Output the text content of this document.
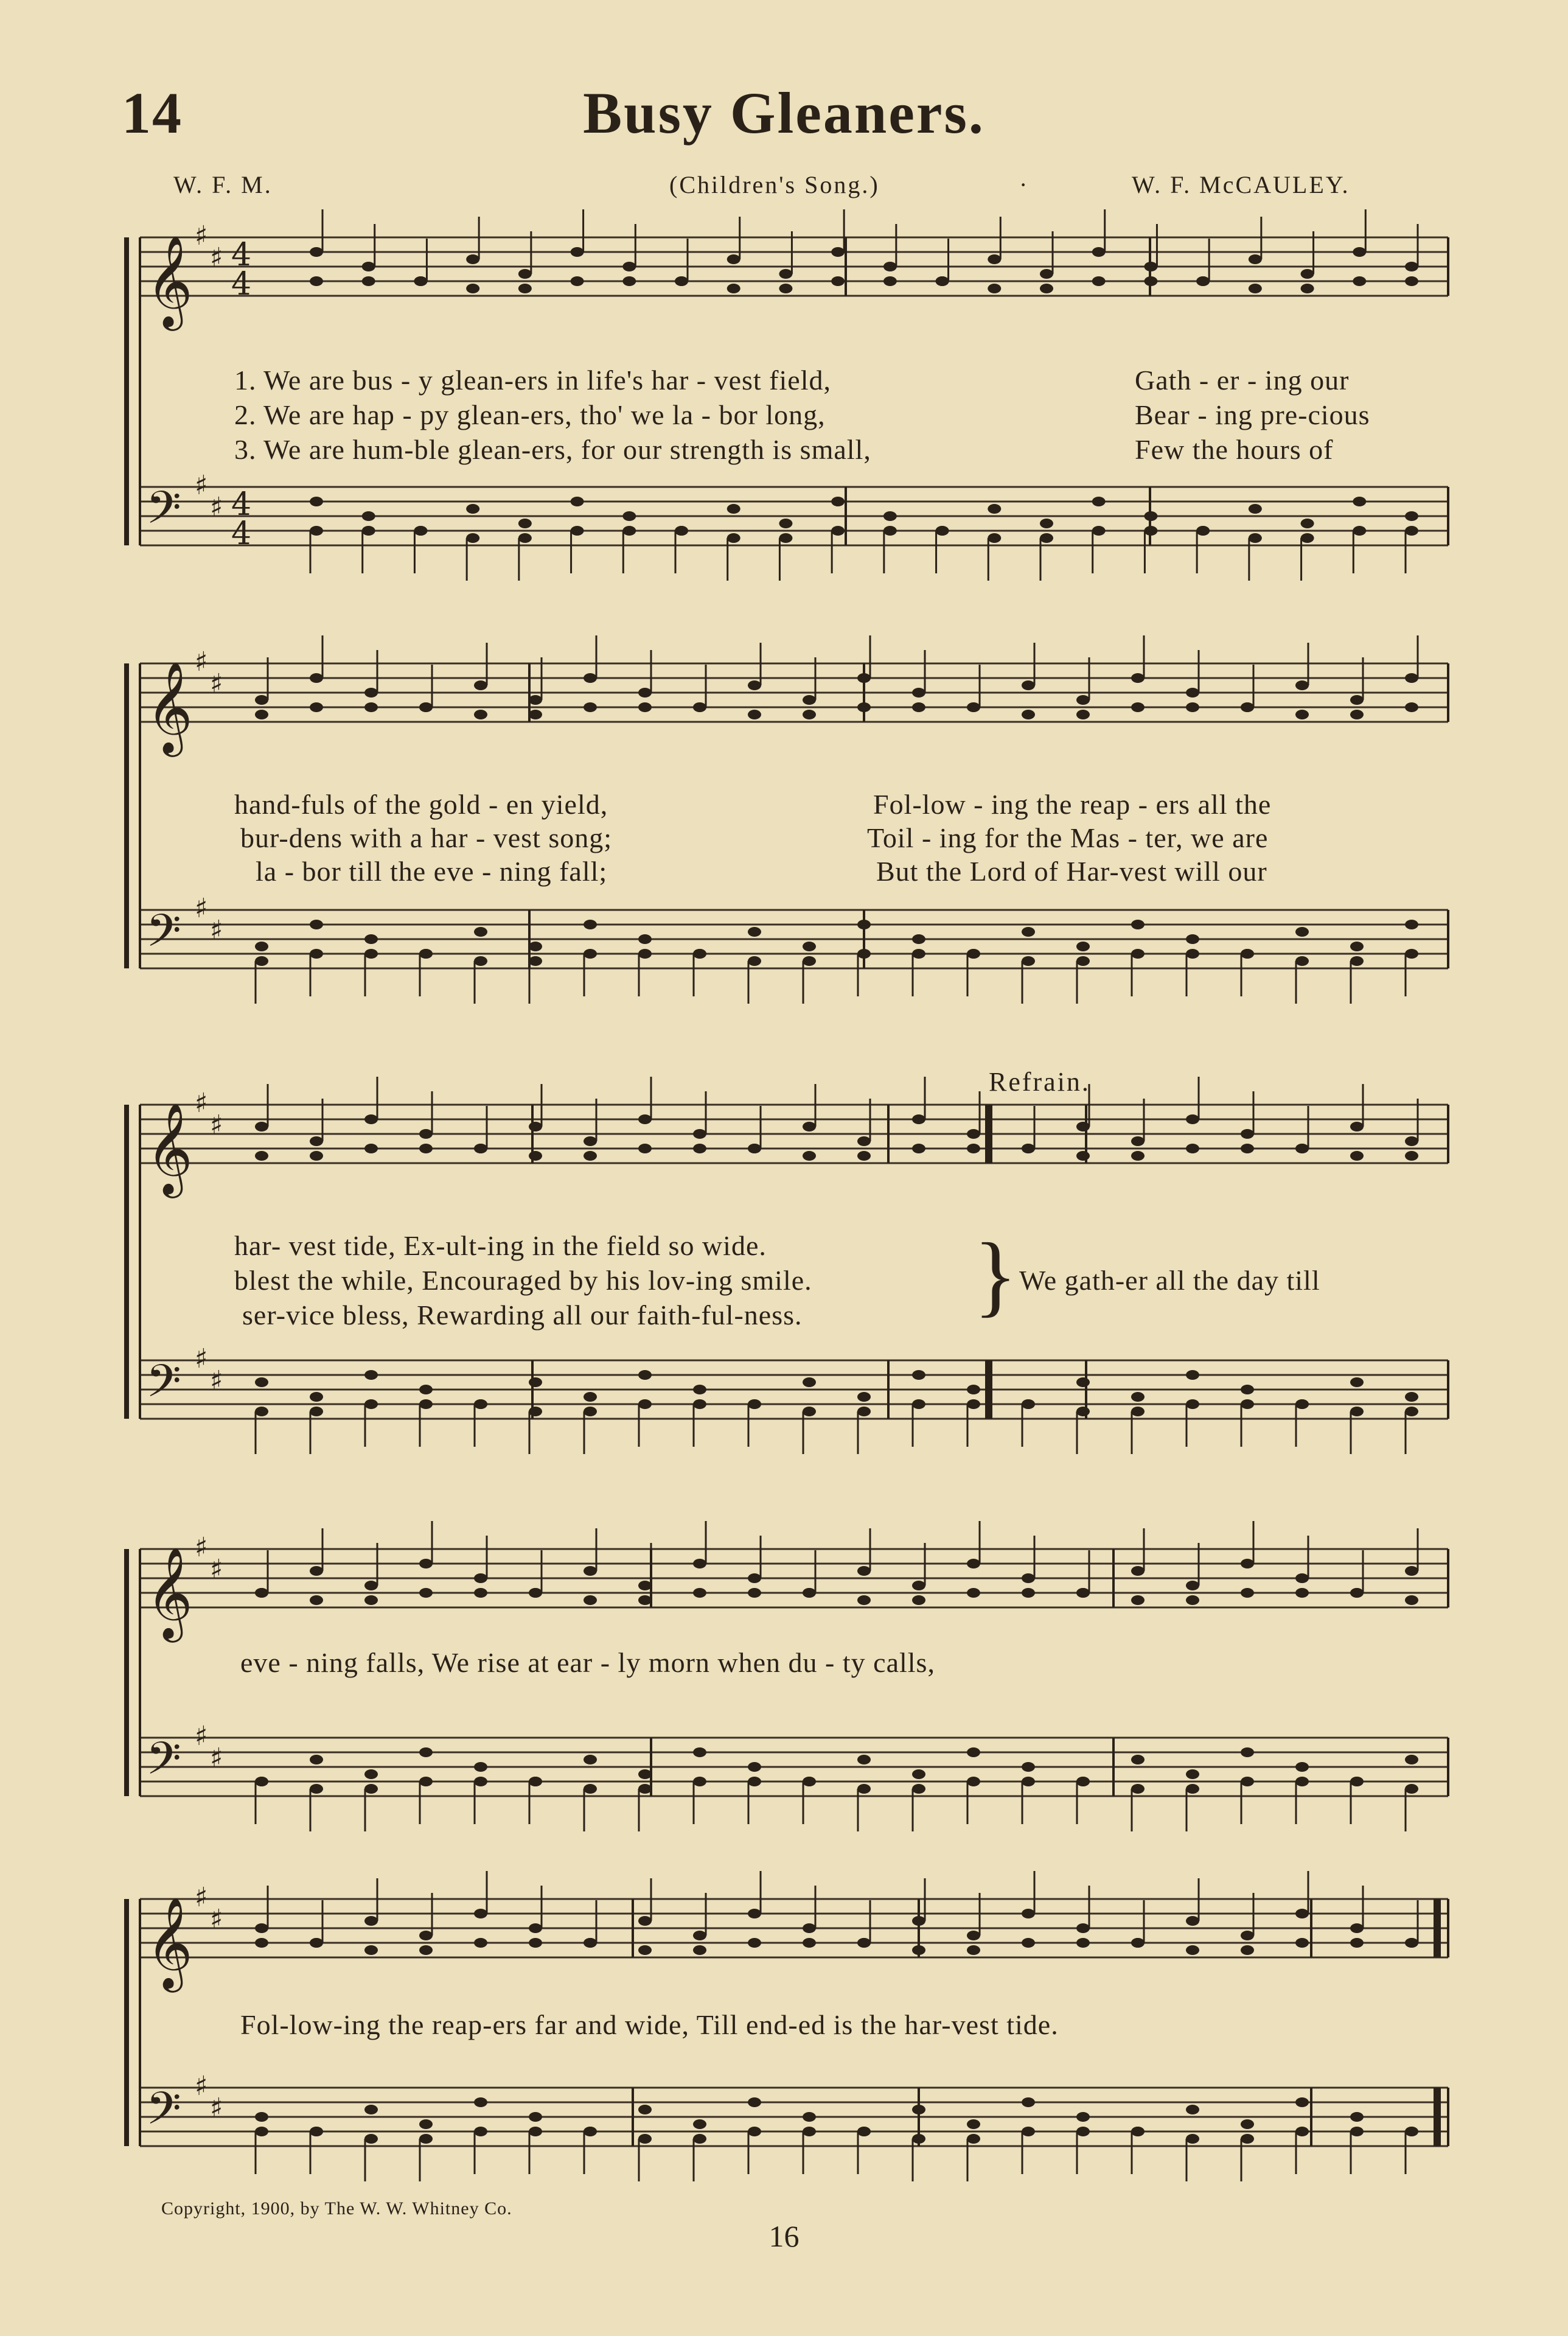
14	Busy Gleaners.
W. F. M.	(Children's Song.)	·	W. F. McCAULEY.
𝄞 ♯
♯ 4
4
𝄢 ♯
♯ 4
4
𝄞 ♯
♯
𝄢 ♯
♯
𝄞 ♯
♯
𝄢 ♯
♯
𝄞 ♯
♯
𝄢 ♯
♯
𝄞 ♯
♯
𝄢 ♯
♯
1. We are bus - y glean-ers in life's har - vest field,	Gath - er - ing our
2. We are hap - py glean-ers, tho' we la - bor long,	Bear - ing pre-cious
3. We are hum-ble glean-ers, for our strength is small,	Few the hours of
hand-fuls of the gold - en yield,	Fol-low - ing the reap - ers all the
bur-dens with a har - vest song;	Toil - ing for the Mas - ter, we are
la - bor till the eve - ning fall;	But the Lord of Har-vest will our
Refrain.
har- vest tide, Ex-ult-ing in the field so wide.
blest the while, Encouraged by his lov-ing smile.
ser-vice bless, Rewarding all our faith-ful-ness. } We gath-er all the day till
eve - ning falls, We rise at ear - ly morn when du - ty calls,
Fol-low-ing the reap-ers far and wide, Till end-ed is the har-vest tide.
Copyright, 1900, by The W. W. Whitney Co.
16
